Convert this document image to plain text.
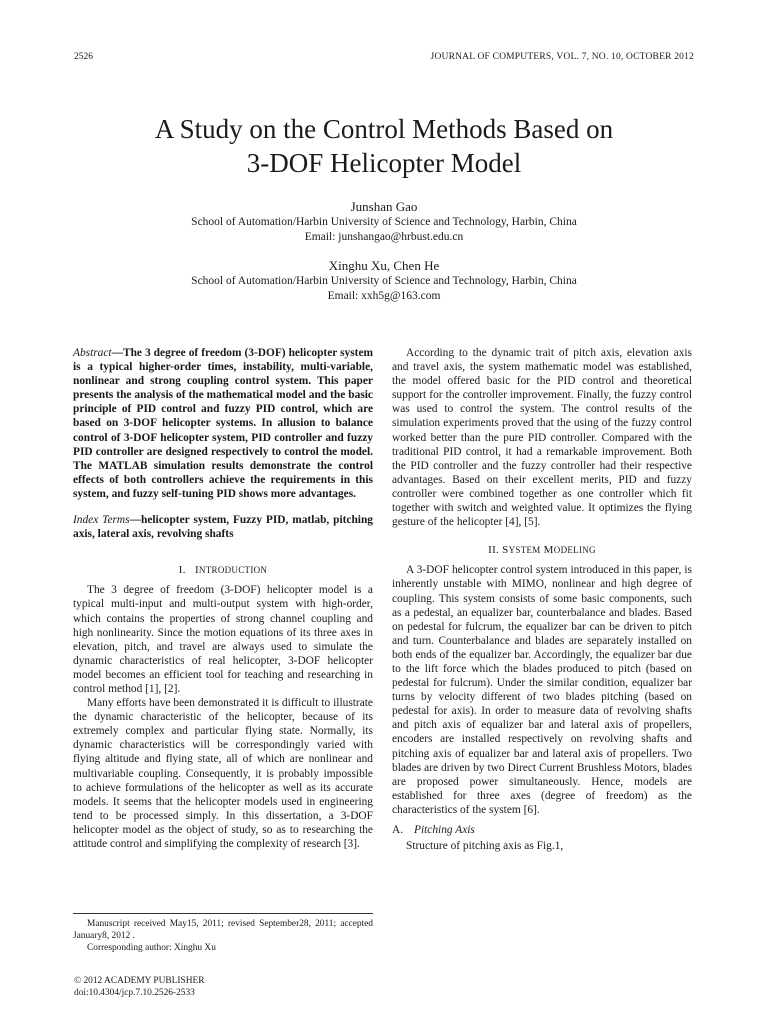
2526	JOURNAL OF COMPUTERS, VOL. 7, NO. 10, OCTOBER 2012
A Study on the Control Methods Based on
3-DOF Helicopter Model
Junshan Gao
School of Automation/Harbin University of Science and Technology, Harbin, China
Email: junshangao@hrbust.edu.cn
Xinghu Xu, Chen He
School of Automation/Harbin University of Science and Technology, Harbin, China
Email: xxh5g@163.com

Abstract—The 3 degree of freedom (3-DOF) helicopter system is a typical higher-order times, instability, multi-variable, nonlinear and strong coupling control system. This paper presents the analysis of the mathematical model and the basic principle of PID control and fuzzy PID control, which are based on 3-DOF helicopter systems. In allusion to balance control of 3-DOF helicopter system, PID controller and fuzzy PID controller are designed respectively to control the model. The MATLAB simulation results demonstrate the control effects of both controllers achieve the requirements in this system, and fuzzy self-tuning PID shows more advantages.

Index Terms—helicopter system, Fuzzy PID, matlab, pitching axis, lateral axis, revolving shafts

I. INTRODUCTION

The 3 degree of freedom (3-DOF) helicopter model is a typical multi-input and multi-output system with high-order, which contains the properties of strong channel coupling and high nonlinearity. Since the motion equations of its three axes in elevation, pitch, and travel are always used to simulate the dynamic characteristics of real helicopter, 3-DOF helicopter model becomes an efficient tool for teaching and researching in control method [1], [2].

Many efforts have been demonstrated it is difficult to illustrate the dynamic characteristic of the helicopter, because of its extremely complex and particular flying state. Normally, its dynamic characteristics will be correspondingly varied with flying altitude and flying state, all of which are nonlinear and multivariable coupling. Consequently, it is probably impossible to achieve formulations of the helicopter as well as its accurate models. It seems that the helicopter models used in engineering tend to be processed simply. In this dissertation, a 3-DOF helicopter model as the object of study, so as to researching the attitude control and simplifying the complexity of research [3].

According to the dynamic trait of pitch axis, elevation axis and travel axis, the system mathematic model was established, the model offered basic for the PID control and theoretical support for the controller improvement. Finally, the fuzzy control was used to control the system. The control results of the simulation experiments proved that the using of the fuzzy control worked better than the pure PID controller. Compared with the traditional PID control, it had a remarkable improvement. Both the PID controller and the fuzzy controller had their respective advantages. Based on their excellent merits, PID and fuzzy controller were combined together as one controller which fit together with switch and weighted value. It optimizes the flying gesture of the helicopter [4], [5].

II. SYSTEM MODELING

A 3-DOF helicopter control system introduced in this paper, is inherently unstable with MIMO, nonlinear and high degree of coupling. This system consists of some basic components, such as a pedestal, an equalizer bar, counterbalance and blades. Based on pedestal for fulcrum, the equalizer bar can be driven to pitch and turn. Counterbalance and blades are separately installed on both ends of the equalizer bar. Accordingly, the equalizer bar due to the lift force which the blades produced to pitch (based on pedestal for fulcrum). Under the similar condition, equalizer bar turns by velocity different of two blades pitching (based on pedestal for axis). In order to measure data of revolving shafts and pitch axis of equalizer bar and lateral axis of propellers, encoders are installed respectively on revolving shafts and pitching axis of equalizer bar and lateral axis of propellers. Two blades are driven by two Direct Current Brushless Motors, blades are proposed power simultaneously. Hence, models are established for three axes (degree of freedom) as the characteristics of the system [6].

A. Pitching Axis

Structure of pitching axis as Fig.1,

Manuscript received May15, 2011; revised September28, 2011; accepted January8, 2012 .

Corresponding author: Xinghu Xu

© 2012 ACADEMY PUBLISHER
doi:10.4304/jcp.7.10.2526-2533
